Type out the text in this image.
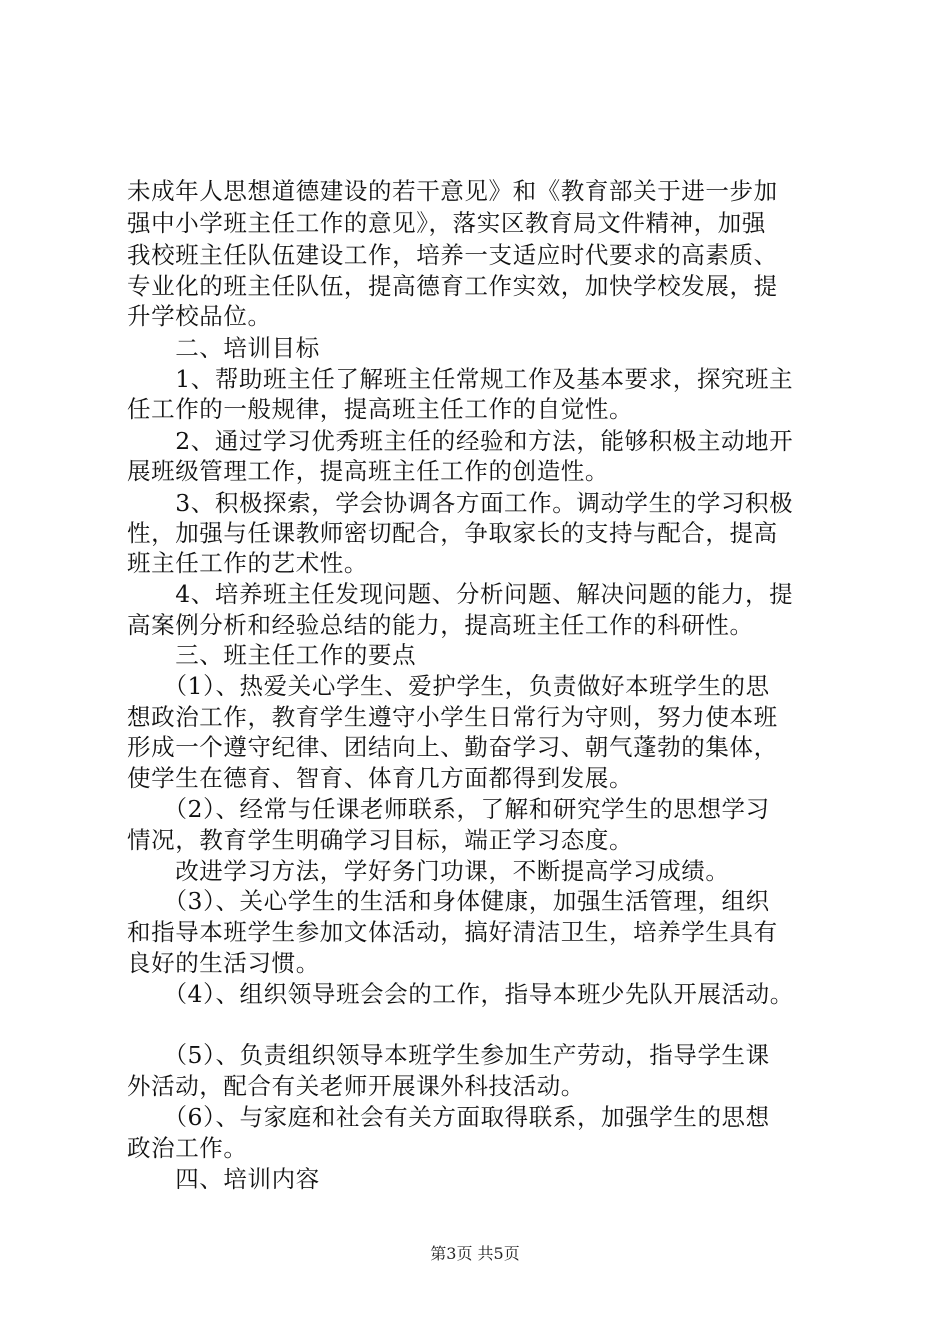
未成年人思想道德建设的若干意见》和《教育部关于进一步加
强中小学班主任工作的意见》，落实区教育局文件精神，加强
我校班主任队伍建设工作，培养一支适应时代要求的高素质、
专业化的班主任队伍，提高德育工作实效，加快学校发展，提
升学校品位。
　　二、培训目标
　　1、帮助班主任了解班主任常规工作及基本要求，探究班主
任工作的一般规律，提高班主任工作的自觉性。
　　2、通过学习优秀班主任的经验和方法，能够积极主动地开
展班级管理工作，提高班主任工作的创造性。
　　3、积极探索，学会协调各方面工作。调动学生的学习积极
性，加强与任课教师密切配合，争取家长的支持与配合，提高
班主任工作的艺术性。
　　4、培养班主任发现问题、分析问题、解决问题的能力，提
高案例分析和经验总结的能力，提高班主任工作的科研性。
　　三、班主任工作的要点
　　（1）、热爱关心学生、爱护学生，负责做好本班学生的思
想政治工作，教育学生遵守小学生日常行为守则，努力使本班
形成一个遵守纪律、团结向上、勤奋学习、朝气蓬勃的集体，
使学生在德育、智育、体育几方面都得到发展。
　　（2）、经常与任课老师联系，了解和研究学生的思想学习
情况，教育学生明确学习目标，端正学习态度。
　　改进学习方法，学好务门功课，不断提高学习成绩。
　　（3）、关心学生的生活和身体健康，加强生活管理，组织
和指导本班学生参加文体活动，搞好清洁卫生，培养学生具有
良好的生活习惯。
　　（4）、组织领导班会会的工作，指导本班少先队开展活动。
　　（5）、负责组织领导本班学生参加生产劳动，指导学生课
外活动，配合有关老师开展课外科技活动。
　　（6）、与家庭和社会有关方面取得联系，加强学生的思想
政治工作。
　　四、培训内容
第3页 共5页
